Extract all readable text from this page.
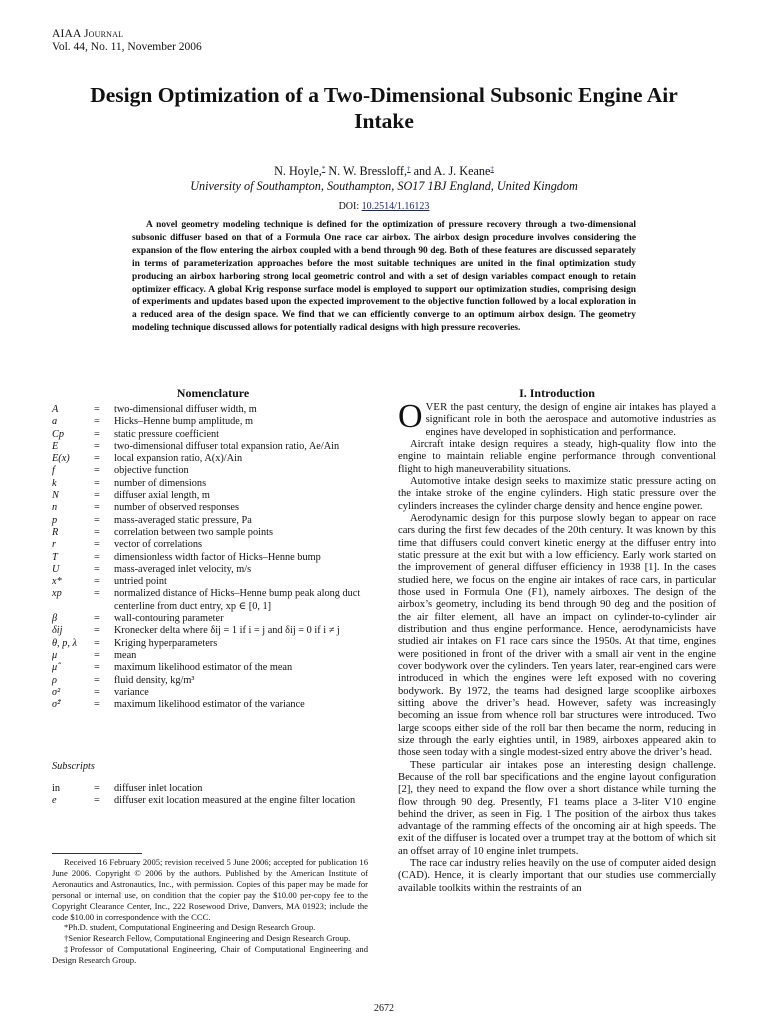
AIAA Journal
Vol. 44, No. 11, November 2006
Design Optimization of a Two-Dimensional Subsonic Engine Air Intake
N. Hoyle,* N. W. Bressloff,† and A. J. Keane‡
University of Southampton, Southampton, SO17 1BJ England, United Kingdom
DOI: 10.2514/1.16123
A novel geometry modeling technique is defined for the optimization of pressure recovery through a two-dimensional subsonic diffuser based on that of a Formula One race car airbox. The airbox design procedure involves considering the expansion of the flow entering the airbox coupled with a bend through 90 deg. Both of these features are discussed separately in terms of parameterization approaches before the most suitable techniques are united in the final optimization study producing an airbox harboring strong local geometric control and with a set of design variables compact enough to retain optimizer efficacy. A global Krig response surface model is employed to support our optimization studies, comprising design of experiments and updates based upon the expected improvement to the objective function followed by a local exploration in a reduced area of the design space. We find that we can efficiently converge to an optimum airbox design. The geometry modeling technique discussed allows for potentially radical designs with high pressure recoveries.
Nomenclature
A	=	two-dimensional diffuser width, m
a	=	Hicks–Henne bump amplitude, m
Cp	=	static pressure coefficient
E	=	two-dimensional diffuser total expansion ratio, Ae/Ain
E(x)	=	local expansion ratio, A(x)/Ain
f	=	objective function
k	=	number of dimensions
N	=	diffuser axial length, m
n	=	number of observed responses
p	=	mass-averaged static pressure, Pa
R	=	correlation between two sample points
r	=	vector of correlations
T	=	dimensionless width factor of Hicks–Henne bump
U	=	mass-averaged inlet velocity, m/s
x*	=	untried point
xp	=	normalized distance of Hicks–Henne bump peak along duct centerline from duct entry, xp ∈ [0, 1]
β	=	wall-contouring parameter
δij	=	Kronecker delta where δij = 1 if i = j and δij = 0 if i ≠ j
θ, p, λ	=	Kriging hyperparameters
μ	=	mean
μ̂	=	maximum likelihood estimator of the mean
ρ	=	fluid density, kg/m³
σ²	=	variance
σ̂²	=	maximum likelihood estimator of the variance
Subscripts
in	=	diffuser inlet location
e	=	diffuser exit location measured at the engine filter location

Received 16 February 2005; revision received 5 June 2006; accepted for publication 16 June 2006. Copyright © 2006 by the authors. Published by the American Institute of Aeronautics and Astronautics, Inc., with permission. Copies of this paper may be made for personal or internal use, on condition that the copier pay the $10.00 per-copy fee to the Copyright Clearance Center, Inc., 222 Rosewood Drive, Danvers, MA 01923; include the code $10.00 in correspondence with the CCC.

*Ph.D. student, Computational Engineering and Design Research Group.

†Senior Research Fellow, Computational Engineering and Design Research Group.

‡Professor of Computational Engineering, Chair of Computational Engineering and Design Research Group.

I. Introduction

OVER the past century, the design of engine air intakes has played a significant role in both the aerospace and automotive industries as engines have developed in sophistication and performance.

Aircraft intake design requires a steady, high-quality flow into the engine to maintain reliable engine performance through conventional flight to high maneuverability situations.

Automotive intake design seeks to maximize static pressure acting on the intake stroke of the engine cylinders. High static pressure over the cylinders increases the cylinder charge density and hence engine power.

Aerodynamic design for this purpose slowly began to appear on race cars during the first few decades of the 20th century. It was known by this time that diffusers could convert kinetic energy at the diffuser entry into static pressure at the exit but with a low efficiency. Early work started on the improvement of general diffuser efficiency in 1938 [1]. In the cases studied here, we focus on the engine air intakes of race cars, in particular those used in Formula One (F1), namely airboxes. The design of the airbox’s geometry, including its bend through 90 deg and the position of the air filter element, all have an impact on cylinder-to-cylinder air distribution and thus engine performance. Hence, aerodynamicists have studied air intakes on F1 race cars since the 1950s. At that time, engines were positioned in front of the driver with a small air vent in the engine cover bodywork over the cylinders. Ten years later, rear-engined cars were introduced in which the engines were left exposed with no covering bodywork. By 1972, the teams had designed large scooplike airboxes sitting above the driver’s head. However, safety was increasingly becoming an issue from whence roll bar structures were introduced. Two large scoops either side of the roll bar then became the norm, reducing in size through the early eighties until, in 1989, airboxes appeared akin to those seen today with a single modest-sized entry above the driver’s head.

These particular air intakes pose an interesting design challenge. Because of the roll bar specifications and the engine layout configuration [2], they need to expand the flow over a short distance while turning the flow through 90 deg. Presently, F1 teams place a 3-liter V10 engine behind the driver, as seen in Fig. 1 The position of the airbox thus takes advantage of the ramming effects of the oncoming air at high speeds. The exit of the diffuser is located over a trumpet tray at the bottom of which sit an offset array of 10 engine inlet trumpets.

The race car industry relies heavily on the use of computer aided design (CAD). Hence, it is clearly important that our studies use commercially available toolkits within the restraints of an

2672
